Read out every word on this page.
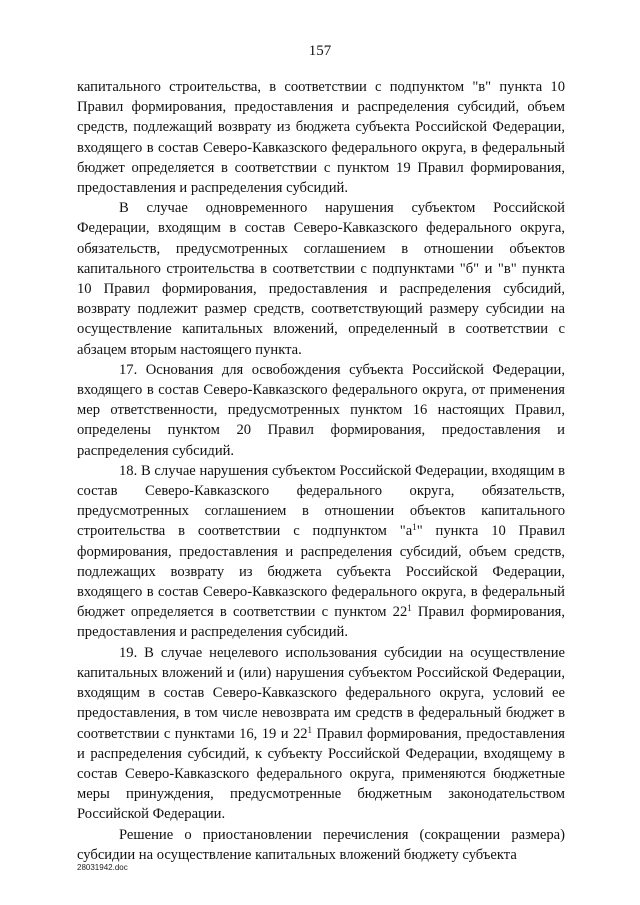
157

капитального строительства, в соответствии с подпунктом "в" пункта 10 Правил формирования, предоставления и распределения субсидий, объем средств, подлежащий возврату из бюджета субъекта Российской Федерации, входящего в состав Северо-Кавказского федерального округа, в федеральный бюджет определяется в соответствии с пунктом 19 Правил формирования, предоставления и распределения субсидий.

В случае одновременного нарушения субъектом Российской Федерации, входящим в состав Северо-Кавказского федерального округа, обязательств, предусмотренных соглашением в отношении объектов капитального строительства в соответствии с подпунктами "б" и "в" пункта 10 Правил формирования, предоставления и распределения субсидий, возврату подлежит размер средств, соответствующий размеру субсидии на осуществление капитальных вложений, определенный в соответствии с абзацем вторым настоящего пункта.

17. Основания для освобождения субъекта Российской Федерации, входящего в состав Северо-Кавказского федерального округа, от применения мер ответственности, предусмотренных пунктом 16 настоящих Правил, определены пунктом 20 Правил формирования, предоставления и распределения субсидий.

18. В случае нарушения субъектом Российской Федерации, входящим в состав Северо-Кавказского федерального округа, обязательств, предусмотренных соглашением в отношении объектов капитального строительства в соответствии с подпунктом "$а^1$" пункта 10 Правил формирования, предоставления и распределения субсидий, объем средств, подлежащих возврату из бюджета субъекта Российской Федерации, входящего в состав Северо-Кавказского федерального округа, в федеральный бюджет определяется в соответствии с пунктом $22^1$ Правил формирования, предоставления и распределения субсидий.

19. В случае нецелевого использования субсидии на осуществление капитальных вложений и (или) нарушения субъектом Российской Федерации, входящим в состав Северо-Кавказского федерального округа, условий ее предоставления, в том числе невозврата им средств в федеральный бюджет в соответствии с пунктами 16, 19 и $22^1$ Правил формирования, предоставления и распределения субсидий, к субъекту Российской Федерации, входящему в состав Северо-Кавказского федерального округа, применяются бюджетные меры принуждения, предусмотренные бюджетным законодательством Российской Федерации.

Решение о приостановлении перечисления (сокращении размера) субсидии на осуществление капитальных вложений бюджету субъекта

28031942.doc
